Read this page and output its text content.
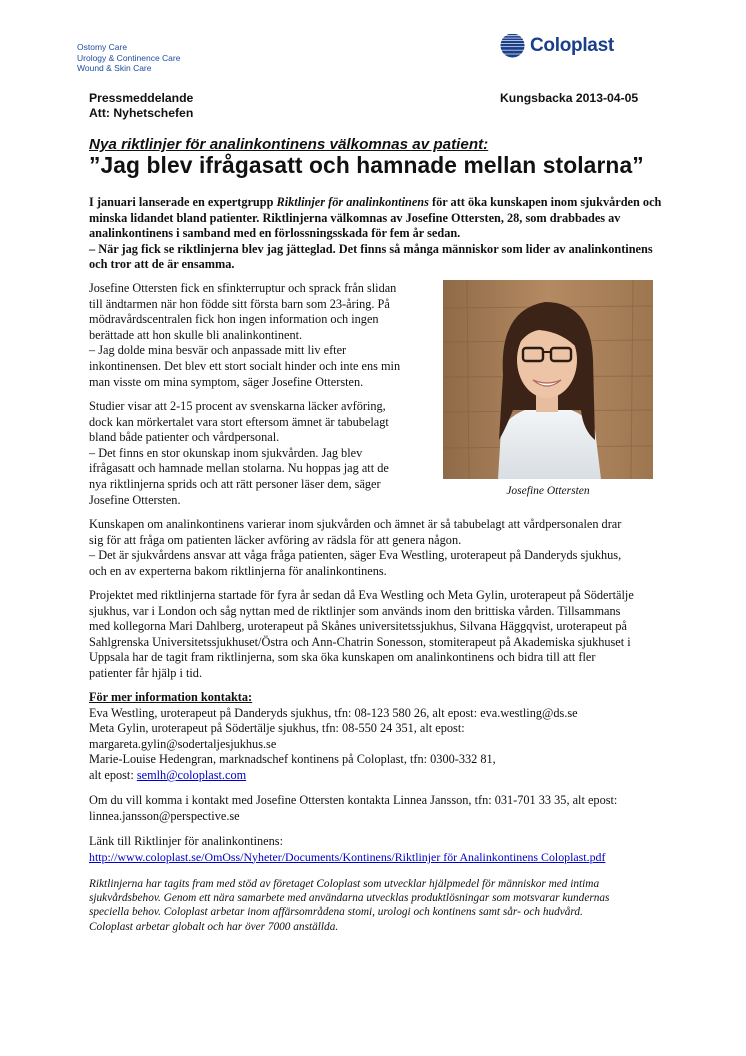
Ostomy Care
Urology & Continence Care
Wound & Skin Care
Coloplast
Pressmeddelande
Att: Nyhetschefen
Kungsbacka 2013-04-05
Nya riktlinjer för analinkontinens välkomnas av patient:
”Jag blev ifrågasatt och hamnade mellan stolarna”

I januari lanserade en expertgrupp Riktlinjer för analinkontinens för att öka kunskapen inom sjukvården och minska lidandet bland patienter. Riktlinjerna välkomnas av Josefine Ottersten, 28, som drabbades av analinkontinens i samband med en förlossningsskada för fem år sedan.

– När jag fick se riktlinjerna blev jag jätteglad. Det finns så många människor som lider av analinkontinens och tror att de är ensamma.

Josefine Ottersten fick en sfinkterruptur och sprack från slidan
till ändtarmen när hon födde sitt första barn som 23-åring. På
mödravårdscentralen fick hon ingen information och ingen
berättade att hon skulle bli analinkontinent.
– Jag dolde mina besvär och anpassade mitt liv efter
inkontinensen. Det blev ett stort socialt hinder och inte ens min
man visste om mina symptom, säger Josefine Ottersten.
Studier visar att 2-15 procent av svenskarna läcker avföring,
dock kan mörkertalet vara stort eftersom ämnet är tabubelagt
bland både patienter och vårdpersonal.
– Det finns en stor okunskap inom sjukvården. Jag blev
ifrågasatt och hamnade mellan stolarna. Nu hoppas jag att de
nya riktlinjerna sprids och att rätt personer läser dem, säger
Josefine Ottersten.
Josefine Ottersten
Kunskapen om analinkontinens varierar inom sjukvården och ämnet är så tabubelagt att vårdpersonalen drar
sig för att fråga om patienten läcker avföring av rädsla för att genera någon.
– Det är sjukvårdens ansvar att våga fråga patienten, säger Eva Westling, uroterapeut på Danderyds sjukhus,
och en av experterna bakom riktlinjerna för analinkontinens.
Projektet med riktlinjerna startade för fyra år sedan då Eva Westling och Meta Gylin, uroterapeut på Södertälje
sjukhus, var i London och såg nyttan med de riktlinjer som används inom den brittiska vården. Tillsammans
med kollegorna Mari Dahlberg, uroterapeut på Skånes universitetssjukhus, Silvana Häggqvist, uroterapeut på
Sahlgrenska Universitetssjukhuset/Östra och Ann-Chatrin Sonesson, stomiterapeut på Akademiska sjukhuset i
Uppsala har de tagit fram riktlinjerna, som ska öka kunskapen om analinkontinens och bidra till att fler
patienter får hjälp i tid.
För mer information kontakta:
Eva Westling, uroterapeut på Danderyds sjukhus, tfn: 08-123 580 26, alt epost: eva.westling@ds.se
Meta Gylin, uroterapeut på Södertälje sjukhus, tfn: 08-550 24 351, alt epost:
margareta.gylin@sodertaljesjukhus.se
Marie-Louise Hedengran, marknadschef kontinens på Coloplast, tfn: 0300-332 81,
alt epost: semlh@coloplast.com
Om du vill komma i kontakt med Josefine Ottersten kontakta Linnea Jansson, tfn: 031-701 33 35, alt epost:
linnea.jansson@perspective.se
Länk till Riktlinjer för analinkontinens:
http://www.coloplast.se/OmOss/Nyheter/Documents/Kontinens/Riktlinjer för Analinkontinens Coloplast.pdf
Riktlinjerna har tagits fram med stöd av företaget Coloplast som utvecklar hjälpmedel för människor med intima
sjukvårdsbehov. Genom ett nära samarbete med användarna utvecklas produktlösningar som motsvarar kundernas
speciella behov. Coloplast arbetar inom affärsområdena stomi, urologi och kontinens samt sår- och hudvård.
Coloplast arbetar globalt och har över 7000 anställda.
